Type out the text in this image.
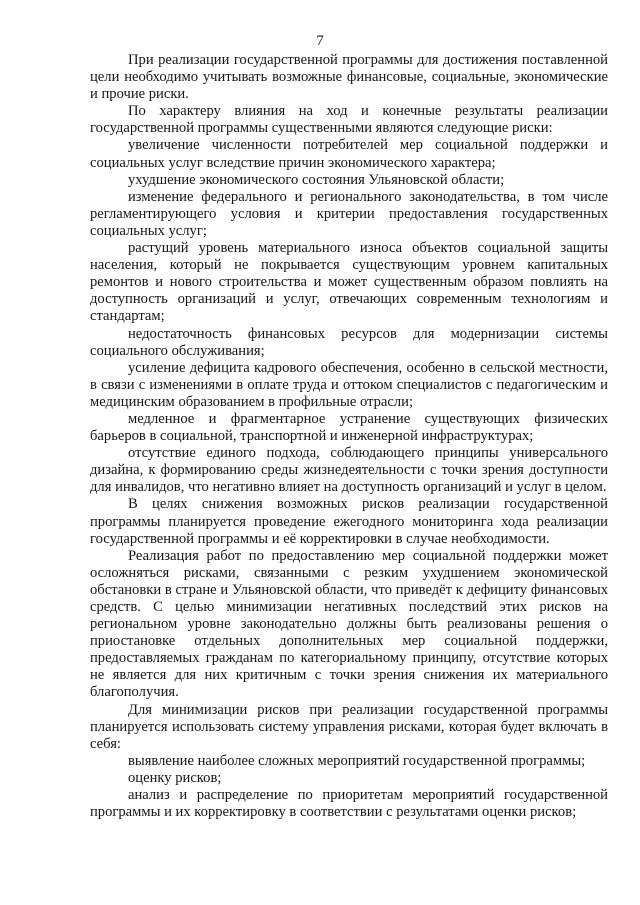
7

При реализации государственной программы для достижения поставленной цели необходимо учитывать возможные финансовые, социальные, экономические и прочие риски.

По характеру влияния на ход и конечные результаты реализации государственной программы существенными являются следующие риски:

увеличение численности потребителей мер социальной поддержки и социальных услуг вследствие причин экономического характера;

ухудшение экономического состояния Ульяновской области;

изменение федерального и регионального законодательства, в том числе регламентирующего условия и критерии предоставления государственных социальных услуг;

растущий уровень материального износа объектов социальной защиты населения, который не покрывается существующим уровнем капитальных ремонтов и нового строительства и может существенным образом повлиять на доступность организаций и услуг, отвечающих современным технологиям и стандартам;

недостаточность финансовых ресурсов для модернизации системы социального обслуживания;

усиление дефицита кадрового обеспечения, особенно в сельской местности, в связи с изменениями в оплате труда и оттоком специалистов с педагогическим и медицинским образованием в профильные отрасли;

медленное и фрагментарное устранение существующих физических барьеров в социальной, транспортной и инженерной инфраструктурах;

отсутствие единого подхода, соблюдающего принципы универсального дизайна, к формированию среды жизнедеятельности с точки зрения доступности для инвалидов, что негативно влияет на доступность организаций и услуг в целом.

В целях снижения возможных рисков реализации государственной программы планируется проведение ежегодного мониторинга хода реализации государственной программы и её корректировки в случае необходимости.

Реализация работ по предоставлению мер социальной поддержки может осложняться рисками, связанными с резким ухудшением экономической обстановки в стране и Ульяновской области, что приведёт к дефициту финансовых средств. С целью минимизации негативных последствий этих рисков на региональном уровне законодательно должны быть реализованы решения о приостановке отдельных дополнительных мер социальной поддержки, предоставляемых гражданам по категориальному принципу, отсутствие которых не является для них критичным с точки зрения снижения их материального благополучия.

Для минимизации рисков при реализации государственной программы планируется использовать систему управления рисками, которая будет включать в себя:

выявление наиболее сложных мероприятий государственной программы;

оценку рисков;

анализ и распределение по приоритетам мероприятий государственной программы и их корректировку в соответствии с результатами оценки рисков;
